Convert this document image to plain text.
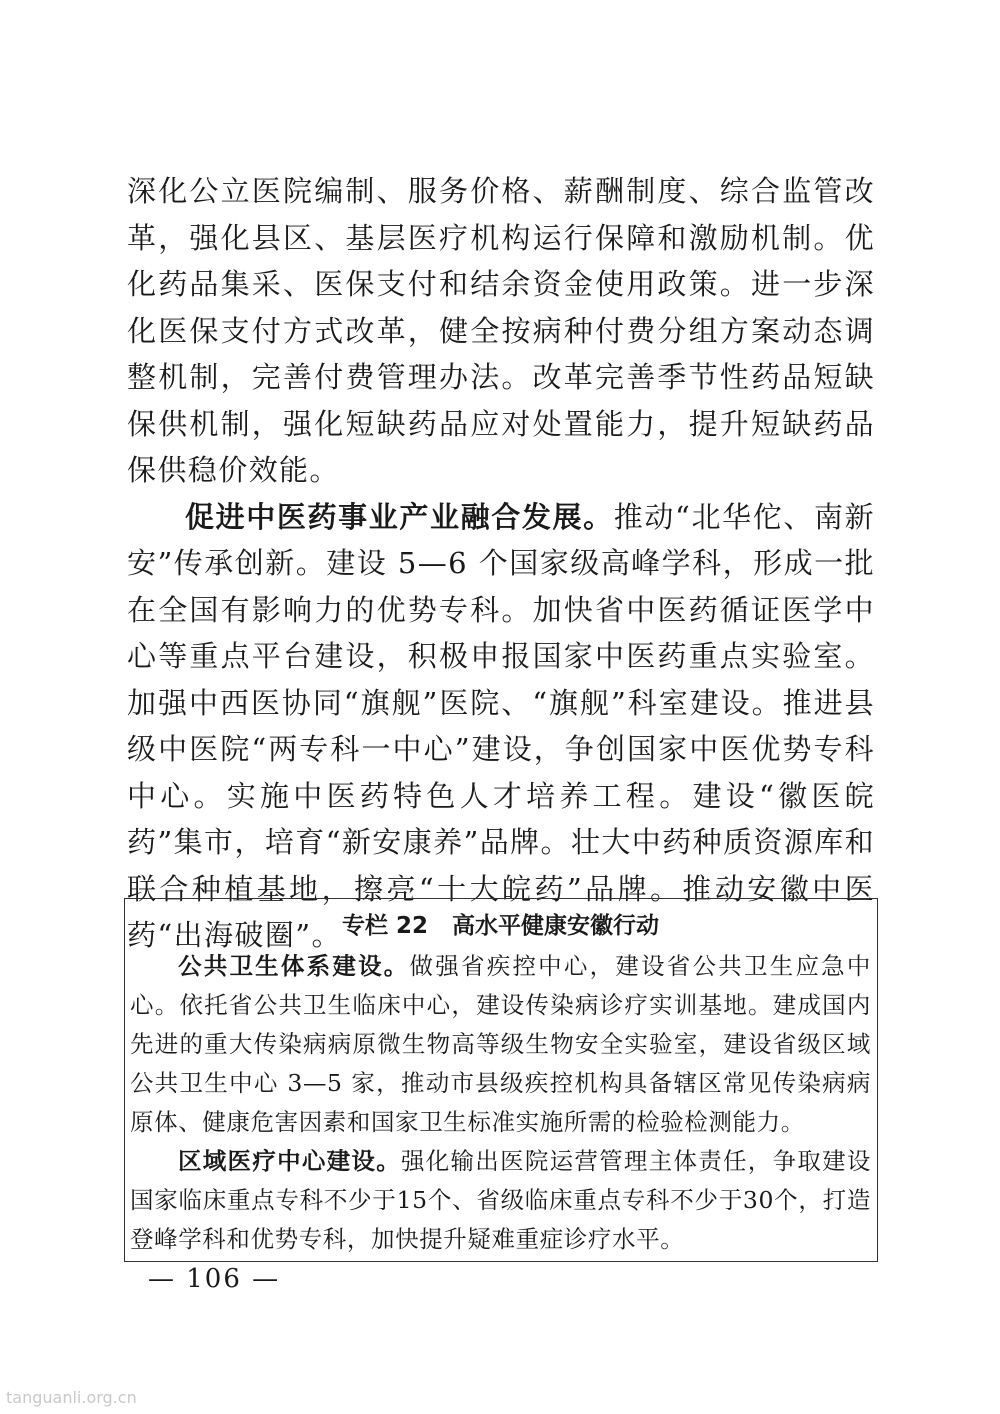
深化公立医院编制、服务价格、薪酬制度、综合监管改革，强化县区、基层医疗机构运行保障和激励机制。优化药品集采、医保支付和结余资金使用政策。进一步深化医保支付方式改革，健全按病种付费分组方案动态调整机制，完善付费管理办法。改革完善季节性药品短缺保供机制，强化短缺药品应对处置能力，提升短缺药品保供稳价效能。

促进中医药事业产业融合发展。推动“北华佗、南新安”传承创新。建设 5—6 个国家级高峰学科，形成一批在全国有影响力的优势专科。加快省中医药循证医学中心等重点平台建设，积极申报国家中医药重点实验室。加强中西医协同“旗舰”医院、“旗舰”科室建设。推进县级中医院“两专科一中心”建设，争创国家中医优势专科中心。实施中医药特色人才培养工程。建设“徽医皖药”集市，培育“新安康养”品牌。壮大中药种质资源库和联合种植基地，擦亮“十大皖药”品牌。推动安徽中医药“出海破圈”。 专栏 22   高水平健康安徽行动

公共卫生体系建设。做强省疾控中心，建设省公共卫生应急中心。依托省公共卫生临床中心，建设传染病诊疗实训基地。建成国内先进的重大传染病病原微生物高等级生物安全实验室，建设省级区域公共卫生中心 3—5 家，推动市县级疾控机构具备辖区常见传染病病原体、健康危害因素和国家卫生标准实施所需的检验检测能力。

区域医疗中心建设。强化输出医院运营管理主体责任，争取建设国家临床重点专科不少于15个、省级临床重点专科不少于30个，打造登峰学科和优势专科，加快提升疑难重症诊疗水平。

— 106 —
tanguanli.org.cn
